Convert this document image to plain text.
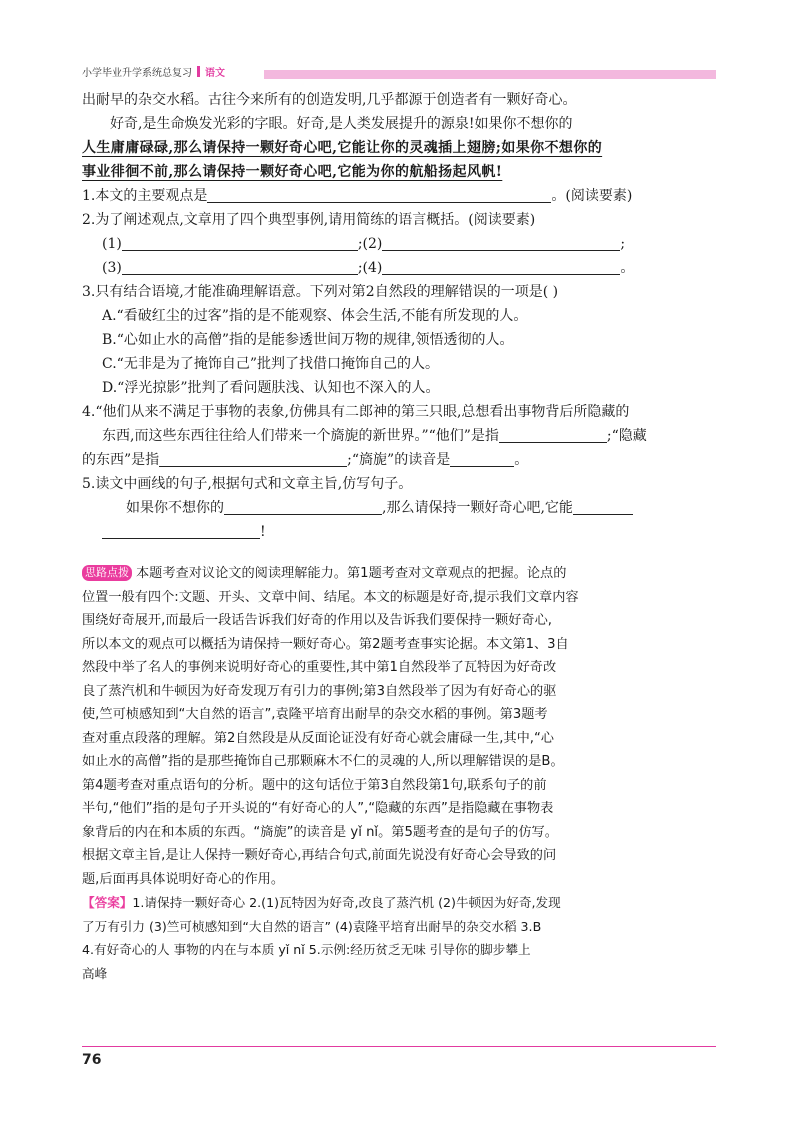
小学毕业升学系统总复习 语文
出耐早的杂交水稻。古往今来所有的创造发明,几乎都源于创造者有一颗好奇心。
好奇,是生命焕发光彩的字眼。好奇,是人类发展提升的源泉!如果你不想你的
人生庸庸碌碌,那么请保持一颗好奇心吧,它能让你的灵魂插上翅膀;如果你不想你的
事业徘徊不前,那么请保持一颗好奇心吧,它能为你的航船扬起风帆!
1.本文的主要观点是	。(阅读要素)
2.为了阐述观点,文章用了四个典型事例,请用简练的语言概括。(阅读要素)
(1)	;(2)	;
(3)	;(4)	。
3.只有结合语境,才能准确理解语意。下列对第2自然段的理解错误的一项是( )
A.“看破红尘的过客”指的是不能观察、体会生活,不能有所发现的人。
B.“心如止水的高僧”指的是能参透世间万物的规律,领悟透彻的人。
C.“无非是为了掩饰自己”批判了找借口掩饰自己的人。
D.“浮光掠影”批判了看问题肤浅、认知也不深入的人。
4.“他们从来不满足于事物的表象,仿佛具有二郎神的第三只眼,总想看出事物背后所隐藏的
东西,而这些东西往往给人们带来一个旖旎的新世界。”“他们”是指	;“隐藏
的东西”是指	;“旖旎”的读音是	。
5.读文中画线的句子,根据句式和文章主旨,仿写句子。
如果你不想你的	,那么请保持一颗好奇心吧,它能
!
思路点拨 本题考查对议论文的阅读理解能力。第1题考查对文章观点的把握。论点的
位置一般有四个:文题、开头、文章中间、结尾。本文的标题是好奇,提示我们文章内容
围绕好奇展开,而最后一段话告诉我们好奇的作用以及告诉我们要保持一颗好奇心,
所以本文的观点可以概括为请保持一颗好奇心。第2题考查事实论据。本文第1、3自
然段中举了名人的事例来说明好奇心的重要性,其中第1自然段举了瓦特因为好奇改
良了蒸汽机和牛顿因为好奇发现万有引力的事例;第3自然段举了因为有好奇心的驱
使,竺可桢感知到“大自然的语言”,袁隆平培育出耐旱的杂交水稻的事例。第3题考
查对重点段落的理解。第2自然段是从反面论证没有好奇心就会庸碌一生,其中,“心
如止水的高僧”指的是那些掩饰自己那颗麻木不仁的灵魂的人,所以理解错误的是B。
第4题考查对重点语句的分析。题中的这句话位于第3自然段第1句,联系句子的前
半句,“他们”指的是句子开头说的“有好奇心的人”,“隐藏的东西”是指隐藏在事物表
象背后的内在和本质的东西。“旖旎”的读音是 yǐ nǐ。第5题考查的是句子的仿写。
根据文章主旨,是让人保持一颗好奇心,再结合句式,前面先说没有好奇心会导致的问
题,后面再具体说明好奇心的作用。
【答案】1.请保持一颗好奇心 2.(1)瓦特因为好奇,改良了蒸汽机 (2)牛顿因为好奇,发现
了万有引力 (3)竺可桢感知到“大自然的语言” (4)袁隆平培育出耐旱的杂交水稻 3.B
4.有好奇心的人 事物的内在与本质 yǐ nǐ 5.示例:经历贫乏无味 引导你的脚步攀上
高峰
76
